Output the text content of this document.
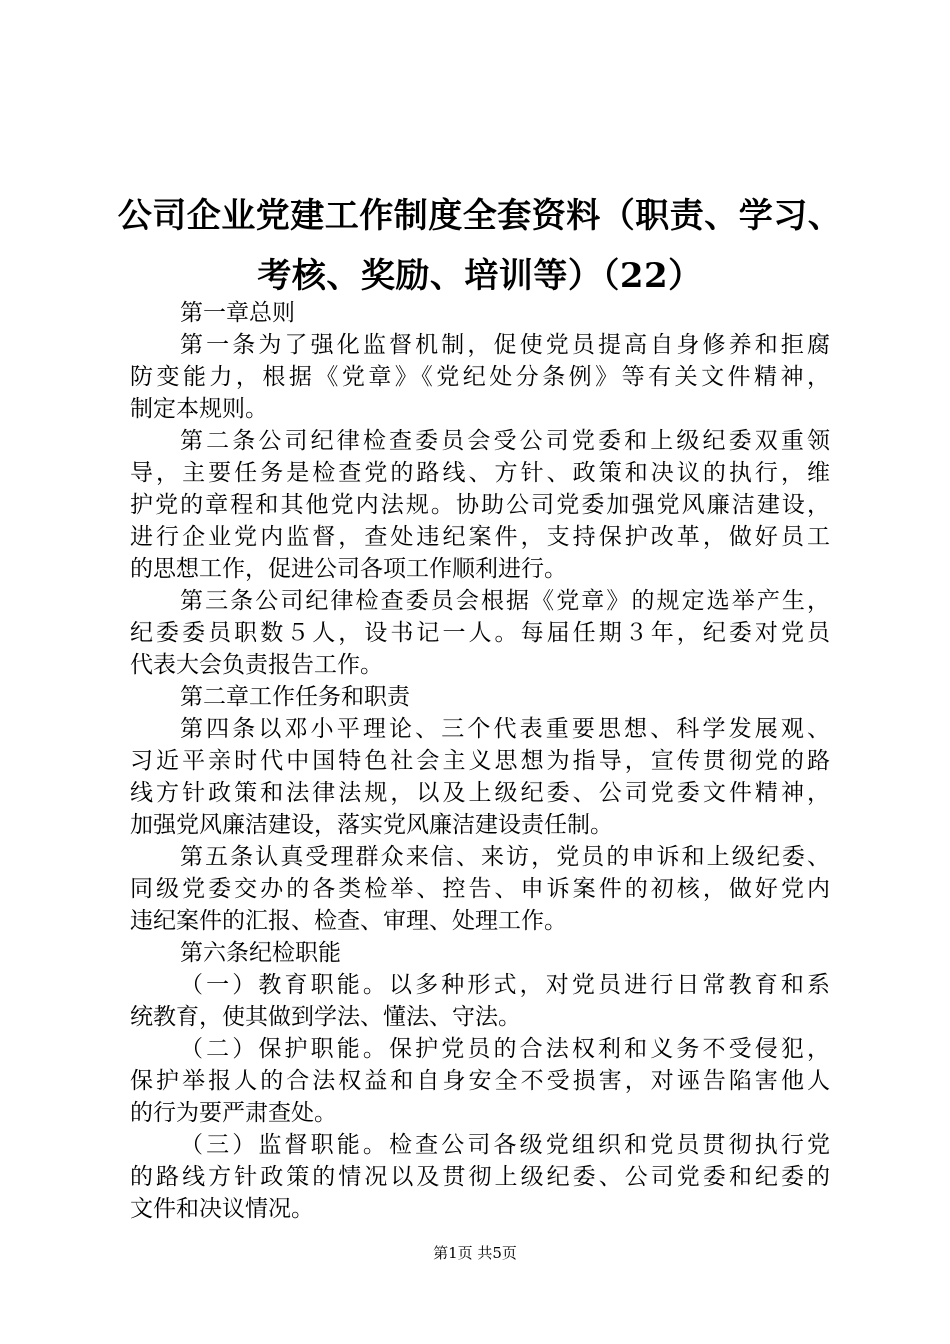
公司企业党建工作制度全套资料（职责、学习、
考核、奖励、培训等）（22）

第一章总则

第一条为了强化监督机制，促使党员提高自身修养和拒腐
防变能力，根据《党章》《党纪处分条例》等有关文件精神，
制定本规则。

第二条公司纪律检查委员会受公司党委和上级纪委双重领
导，主要任务是检查党的路线、方针、政策和决议的执行，维
护党的章程和其他党内法规。协助公司党委加强党风廉洁建设，
进行企业党内监督，查处违纪案件，支持保护改革，做好员工
的思想工作，促进公司各项工作顺利进行。

第三条公司纪律检查委员会根据《党章》的规定选举产生，
纪委委员职数５人，设书记一人。每届任期３年，纪委对党员
代表大会负责报告工作。

第二章工作任务和职责

第四条以邓小平理论、三个代表重要思想、科学发展观、
习近平亲时代中国特色社会主义思想为指导，宣传贯彻党的路
线方针政策和法律法规，以及上级纪委、公司党委文件精神，
加强党风廉洁建设，落实党风廉洁建设责任制。

第五条认真受理群众来信、来访，党员的申诉和上级纪委、
同级党委交办的各类检举、控告、申诉案件的初核，做好党内
违纪案件的汇报、检查、审理、处理工作。

第六条纪检职能

（一）教育职能。以多种形式，对党员进行日常教育和系
统教育，使其做到学法、懂法、守法。

（二）保护职能。保护党员的合法权利和义务不受侵犯，
保护举报人的合法权益和自身安全不受损害，对诬告陷害他人
的行为要严肃查处。

（三）监督职能。检查公司各级党组织和党员贯彻执行党
的路线方针政策的情况以及贯彻上级纪委、公司党委和纪委的
文件和决议情况。

第1页 共5页
